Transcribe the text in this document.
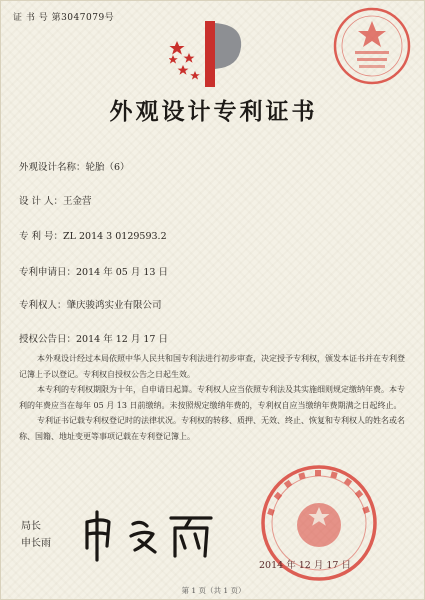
证 书 号 第3047079号
外观设计专利证书
外观设计名称：轮胎（6）
设 计 人：王金营
专 利 号：ZL 2014 3 0129593.2
专利申请日：2014 年 05 月 13 日
专利权人：肇庆骏鸿实业有限公司
授权公告日：2014 年 12 月 17 日

本外观设计经过本局依照中华人民共和国专利法进行初步审查，决定授予专利权，颁发本证书并在专利登记簿上予以登记。专利权自授权公告之日起生效。

本专利的专利权期限为十年，自申请日起算。专利权人应当依照专利法及其实施细则规定缴纳年费。本专利的年费应当在每年 05 月 13 日前缴纳。未按照规定缴纳年费的，专利权自应当缴纳年费期满之日起终止。

专利证书记载专利权登记时的法律状况。专利权的转移、质押、无效、终止、恢复和专利权人的姓名或名称、国籍、地址变更等事项记载在专利登记簿上。

局长
申长雨
2014 年 12 月 17 日
第 1 页（共 1 页）
